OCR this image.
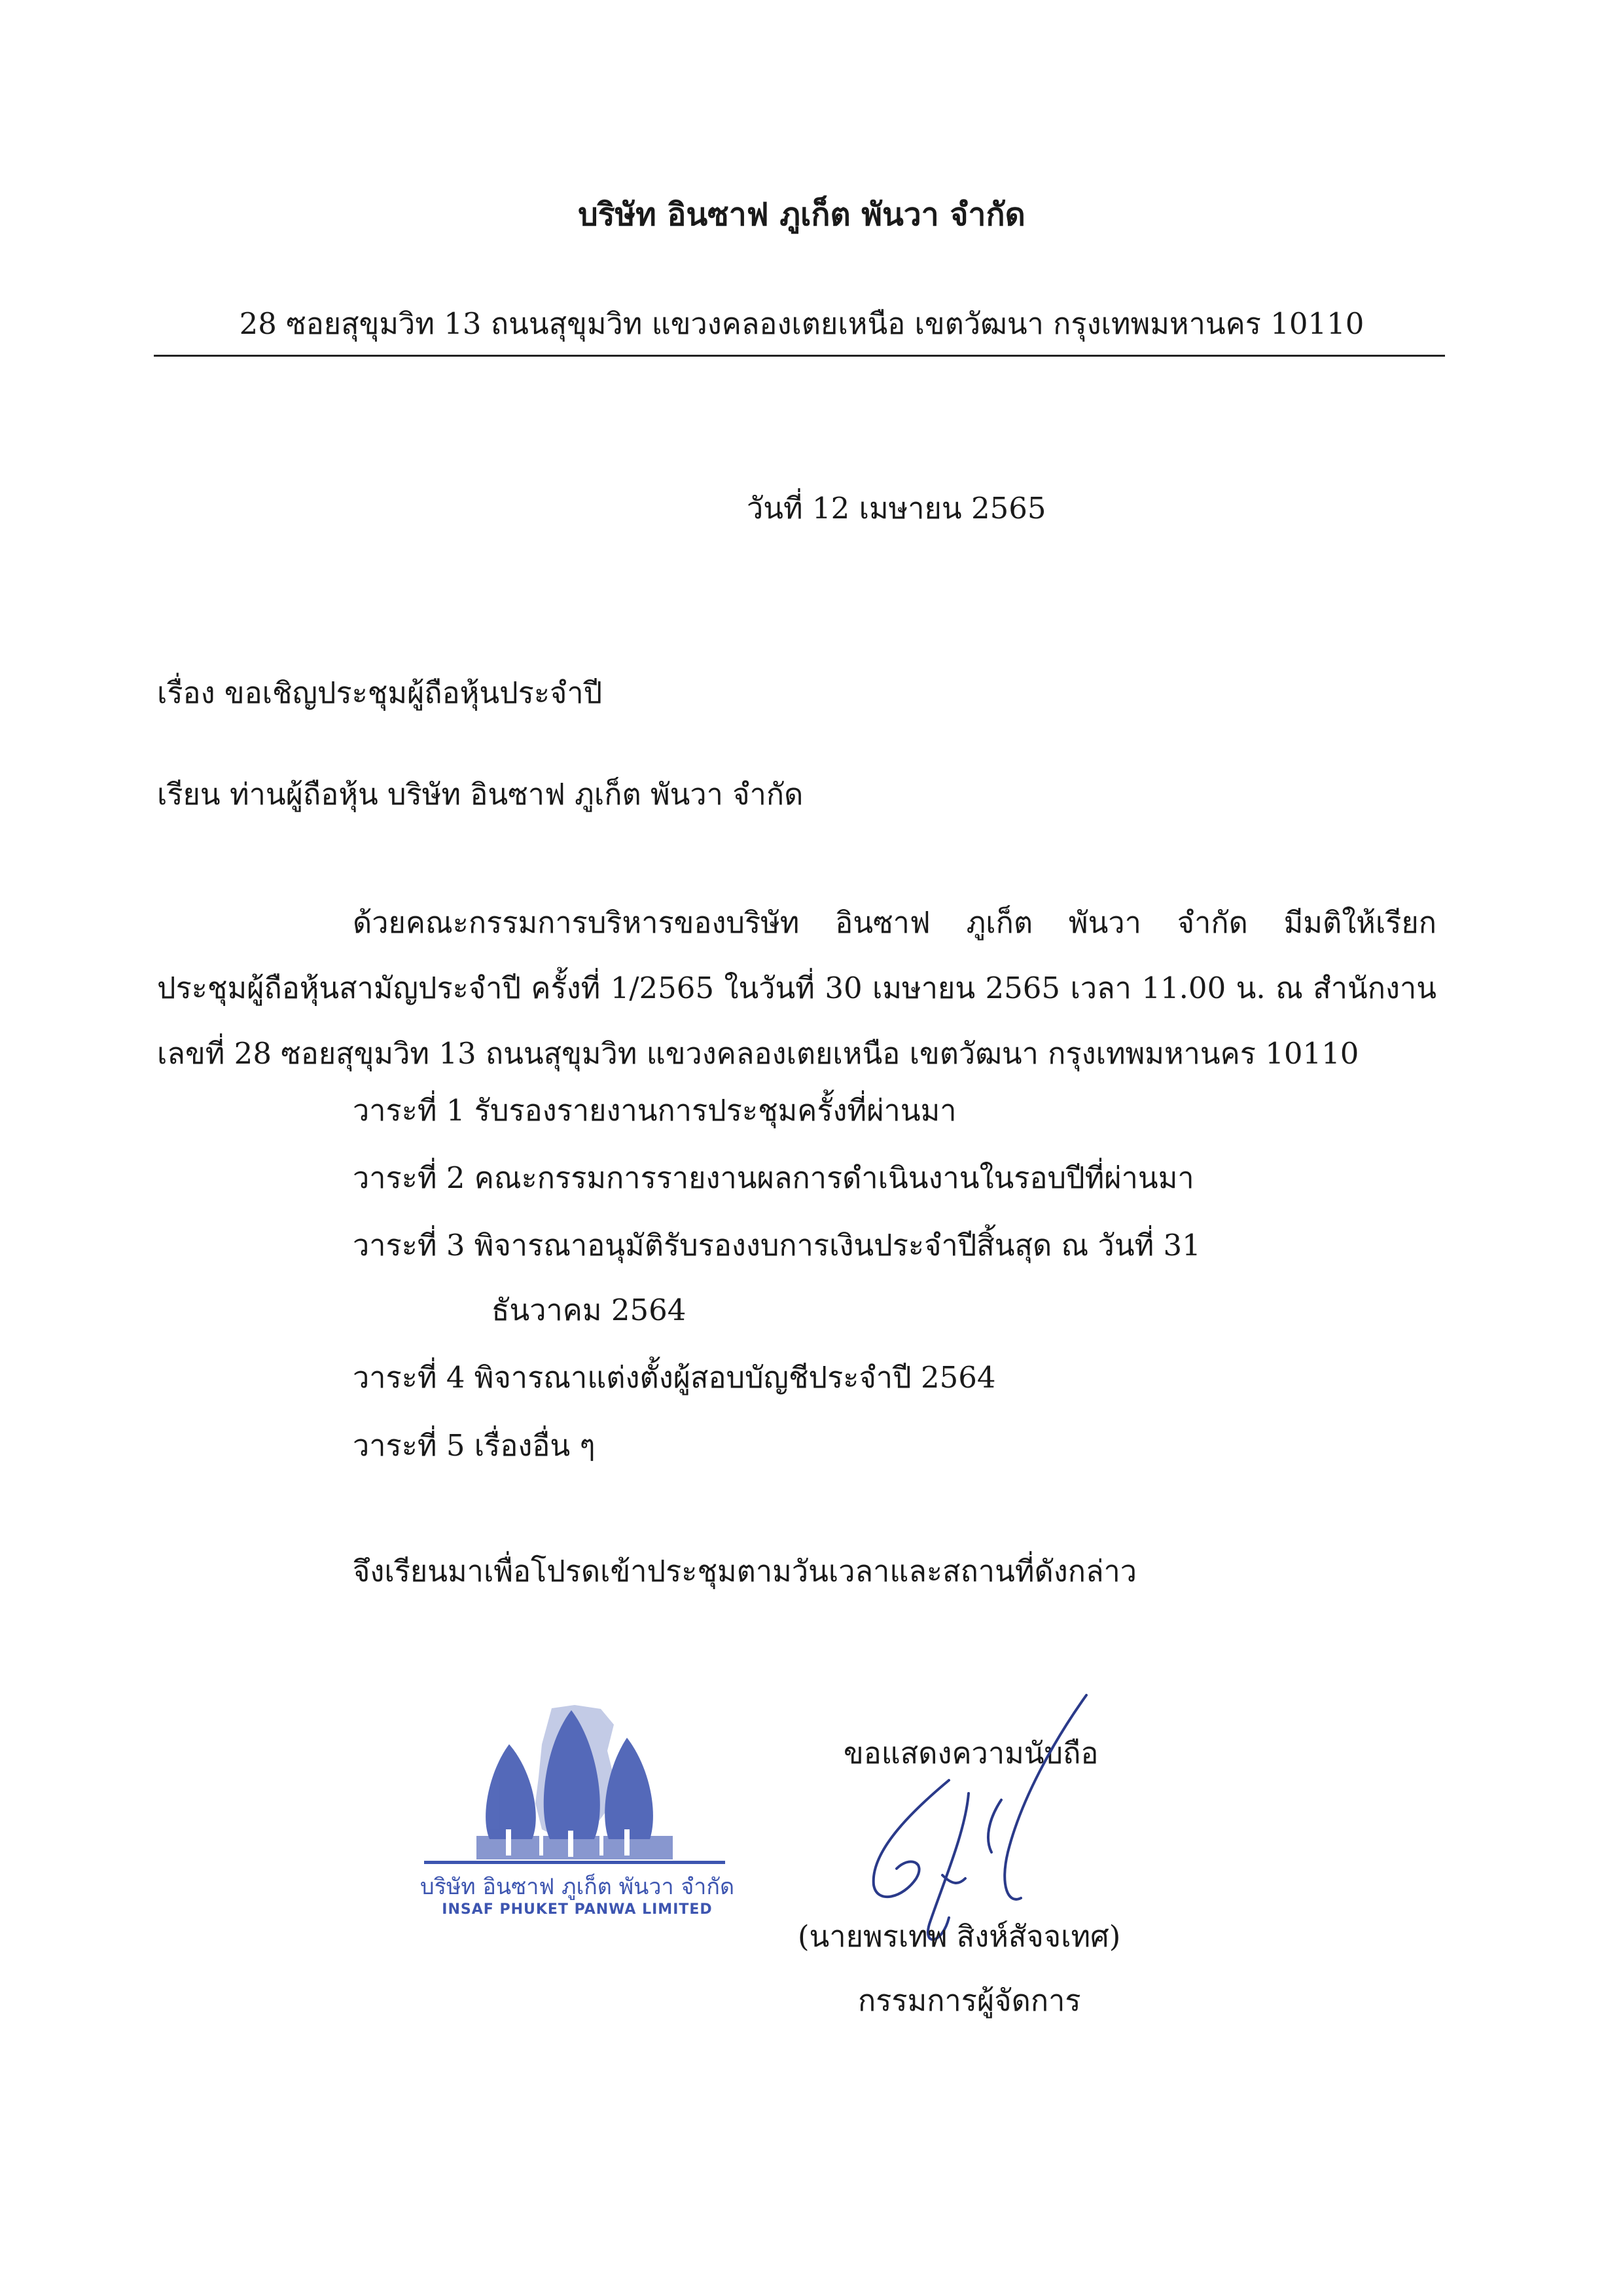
บริษัท อินซาฟ ภูเก็ต พันวา จำกัด
28 ซอยสุขุมวิท 13 ถนนสุขุมวิท แขวงคลองเตยเหนือ เขตวัฒนา กรุงเทพมหานคร 10110
วันที่ 12 เมษายน 2565
เรื่อง ขอเชิญประชุมผู้ถือหุ้นประจำปี
เรียน ท่านผู้ถือหุ้น บริษัท อินซาฟ ภูเก็ต พันวา จำกัด

ด้วยคณะกรรมการบริหารของบริษัท อินซาฟ ภูเก็ต พันวา จำกัด มีมติให้เรียก

ประชุมผู้ถือหุ้นสามัญประจำปี ครั้งที่ 1/2565 ในวันที่ 30 เมษายน 2565 เวลา 11.00 น. ณ สำนักงาน

เลขที่ 28 ซอยสุขุมวิท 13 ถนนสุขุมวิท แขวงคลองเตยเหนือ เขตวัฒนา กรุงเทพมหานคร 10110

วาระที่ 1 รับรองรายงานการประชุมครั้งที่ผ่านมา
วาระที่ 2 คณะกรรมการรายงานผลการดำเนินงานในรอบปีที่ผ่านมา
วาระที่ 3 พิจารณาอนุมัติรับรองงบการเงินประจำปีสิ้นสุด ณ วันที่ 31
ธันวาคม 2564
วาระที่ 4 พิจารณาแต่งตั้งผู้สอบบัญชีประจำปี 2564
วาระที่ 5 เรื่องอื่น ๆ
จึงเรียนมาเพื่อโปรดเข้าประชุมตามวันเวลาและสถานที่ดังกล่าว
บริษัท อินซาฟ ภูเก็ต พันวา จำกัด
INSAF PHUKET PANWA LIMITED
ขอแสดงความนับถือ
(นายพรเทพ สิงห์สัจจเทศ)
กรรมการผู้จัดการ
